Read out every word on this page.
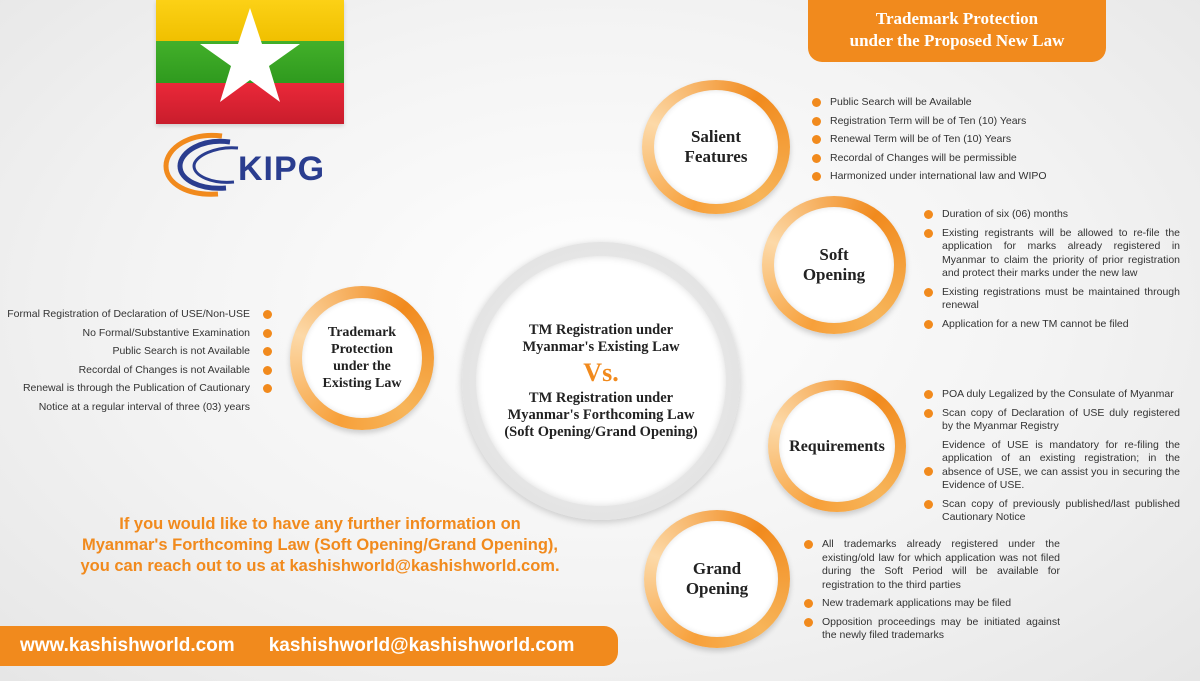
KIPG
Trademark Protection
under the Proposed New Law
TM Registration under
Myanmar's Existing Law
Vs.
TM Registration under
Myanmar's Forthcoming Law
(Soft Opening/Grand Opening)
Trademark
Protection
under the
Existing Law
Formal Registration of Declaration of USE/Non-USE
No Formal/Substantive Examination
Public Search is not Available
Recordal of Changes is not Available
Renewal is through the Publication of Cautionary
Notice at a regular interval of three (03) years
Salient
Features
Public Search will be Available
Registration Term will be of Ten (10) Years
Renewal Term will be of Ten (10) Years
Recordal of Changes will be permissible
Harmonized under international law and WIPO
Soft
Opening
Duration of six (06) months
Existing registrants will be allowed to re-file the application for marks already registered in Myanmar to claim the priority of prior registration and protect their marks under the new law
Existing registrations must be maintained through renewal
Application for a new TM cannot be filed
Requirements
POA duly Legalized by the Consulate of Myanmar
Scan copy of Declaration of USE duly registered by the Myanmar Registry
Evidence of USE is mandatory for re-filing the application of an existing registration; in the absence of USE, we can assist you in securing the Evidence of USE.
Scan copy of previously published/last published Cautionary Notice
Grand
Opening
All trademarks already registered under the existing/old law for which application was not filed during the Soft Period will be available for registration to the third parties
New trademark applications may be filed
Opposition proceedings may be initiated against the newly filed trademarks
If you would like to have any further information on
Myanmar's Forthcoming Law (Soft Opening/Grand Opening),
you can reach out to us at kashishworld@kashishworld.com.
www.kashishworld.com kashishworld@kashishworld.com
